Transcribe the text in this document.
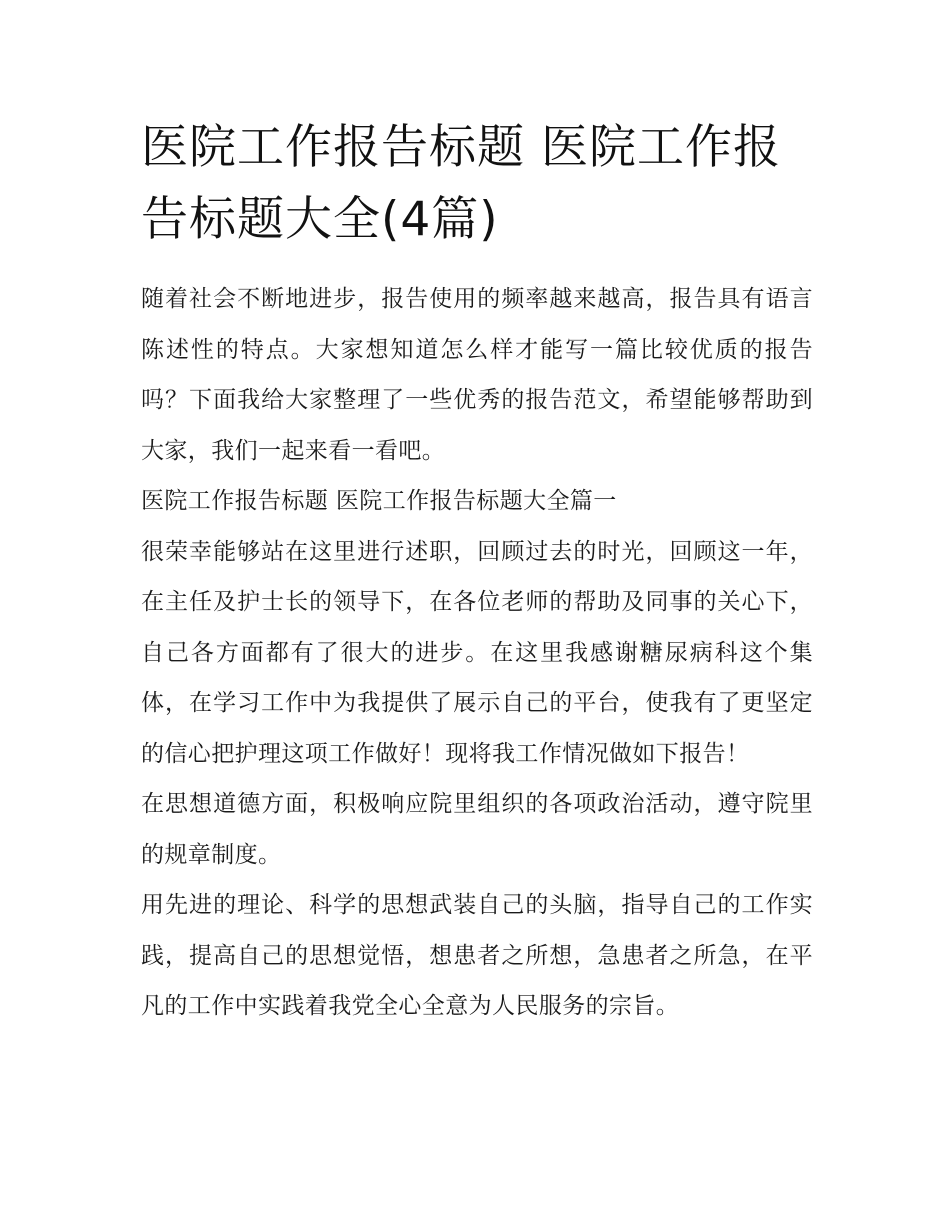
医院工作报告标题 医院工作报告标题大全(4篇)

随着社会不断地进步，报告使用的频率越来越高，报告具有语言陈述性的特点。大家想知道怎么样才能写一篇比较优质的报告吗？下面我给大家整理了一些优秀的报告范文，希望能够帮助到大家，我们一起来看一看吧。

医院工作报告标题 医院工作报告标题大全篇一

很荣幸能够站在这里进行述职，回顾过去的时光，回顾这一年，在主任及护士长的领导下，在各位老师的帮助及同事的关心下，自己各方面都有了很大的进步。在这里我感谢糖尿病科这个集体，在学习工作中为我提供了展示自己的平台，使我有了更坚定的信心把护理这项工作做好！现将我工作情况做如下报告！

在思想道德方面，积极响应院里组织的各项政治活动，遵守院里的规章制度。

用先进的理论、科学的思想武装自己的头脑，指导自己的工作实践，提高自己的思想觉悟，想患者之所想，急患者之所急，在平凡的工作中实践着我党全心全意为人民服务的宗旨。
